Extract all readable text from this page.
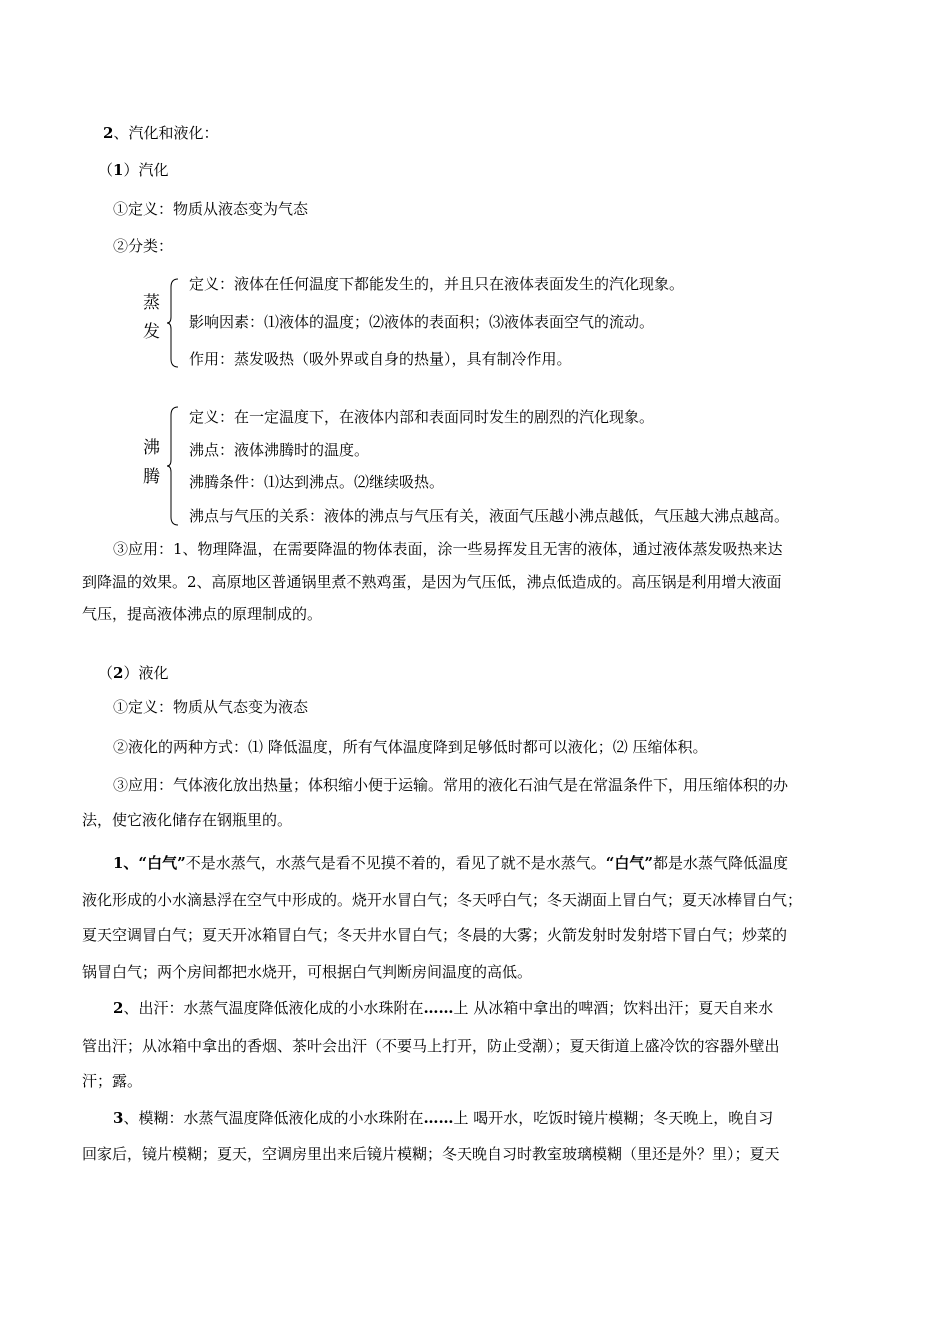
2、汽化和液化：
（1）汽化
①定义：物质从液态变为气态
②分类：
蒸
发
定义：液体在任何温度下都能发生的，并且只在液体表面发生的汽化现象。
影响因素：⑴液体的温度；⑵液体的表面积；⑶液体表面空气的流动。
作用：蒸发吸热（吸外界或自身的热量），具有制冷作用。
沸
腾
定义：在一定温度下，在液体内部和表面同时发生的剧烈的汽化现象。
沸点：液体沸腾时的温度。
沸腾条件：⑴达到沸点。⑵继续吸热。
沸点与气压的关系：液体的沸点与气压有关，液面气压越小沸点越低，气压越大沸点越高。
③应用：1、物理降温，在需要降温的物体表面，涂一些易挥发且无害的液体，通过液体蒸发吸热来达
到降温的效果。2、高原地区普通锅里煮不熟鸡蛋，是因为气压低，沸点低造成的。高压锅是利用增大液面
气压，提高液体沸点的原理制成的。
（2）液化
①定义：物质从气态变为液态
②液化的两种方式：⑴ 降低温度，所有气体温度降到足够低时都可以液化；⑵ 压缩体积。
③应用：气体液化放出热量；体积缩小便于运输。常用的液化石油气是在常温条件下，用压缩体积的办
法，使它液化储存在钢瓶里的。
1、“白气”不是水蒸气，水蒸气是看不见摸不着的，看见了就不是水蒸气。“白气”都是水蒸气降低温度
液化形成的小水滴悬浮在空气中形成的。烧开水冒白气；冬天呼白气；冬天湖面上冒白气；夏天冰棒冒白气；
夏天空调冒白气；夏天开冰箱冒白气；冬天井水冒白气；冬晨的大雾；火箭发射时发射塔下冒白气；炒菜的
锅冒白气；两个房间都把水烧开，可根据白气判断房间温度的高低。
2、出汗：水蒸气温度降低液化成的小水珠附在……上 从冰箱中拿出的啤酒；饮料出汗；夏天自来水
管出汗；从冰箱中拿出的香烟、茶叶会出汗（不要马上打开，防止受潮）；夏天街道上盛冷饮的容器外壁出
汗；露。
3、模糊：水蒸气温度降低液化成的小水珠附在……上 喝开水，吃饭时镜片模糊；冬天晚上，晚自习
回家后，镜片模糊；夏天，空调房里出来后镜片模糊；冬天晚自习时教室玻璃模糊（里还是外？里）；夏天
